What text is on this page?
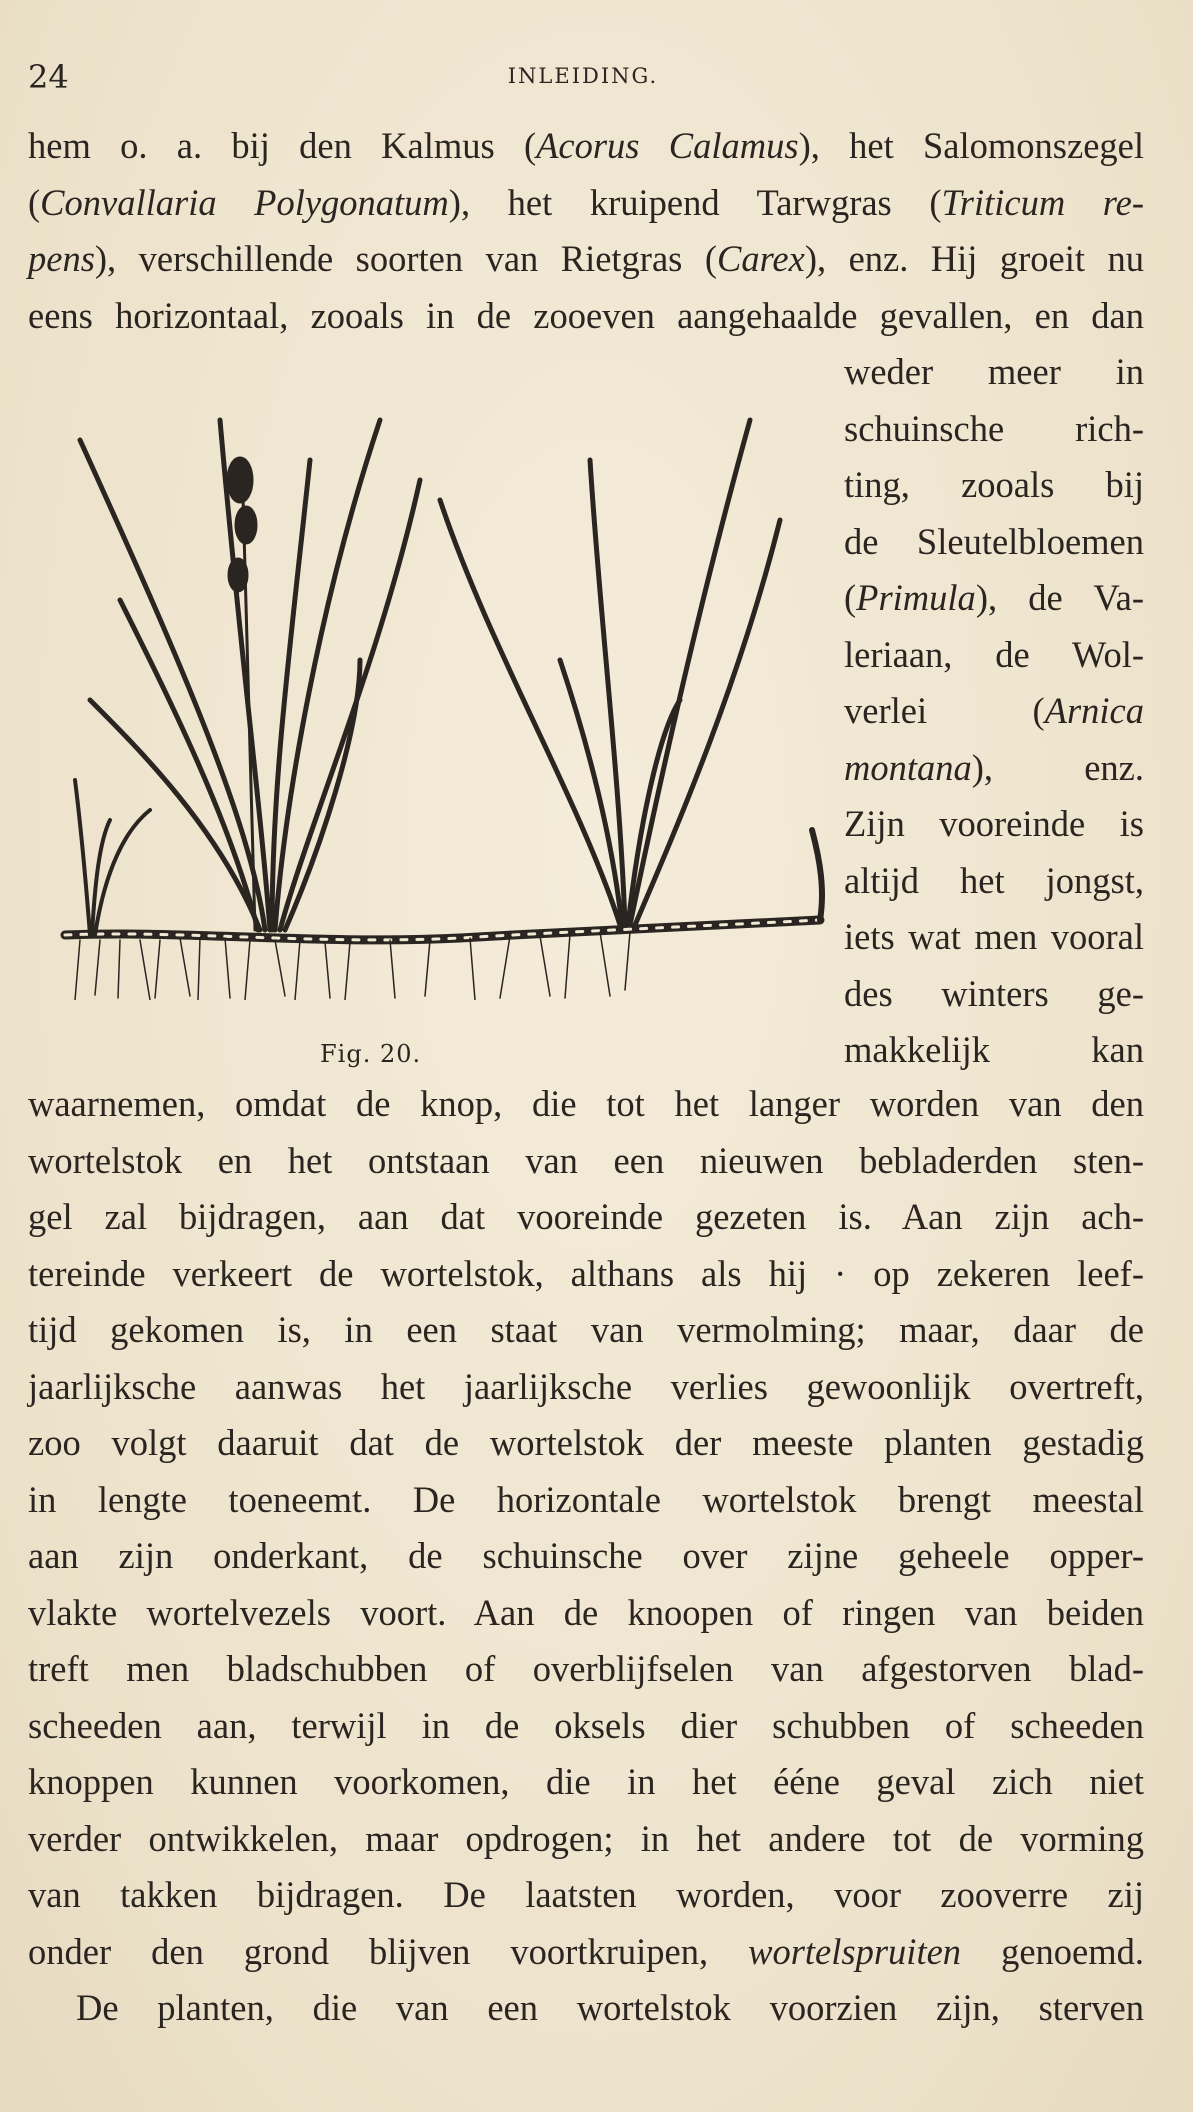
24	INLEIDING.
hem o. a. bij den Kalmus (Acorus Calamus), het Salomonszegel
(Convallaria Polygonatum), het kruipend Tarwgras (Triticum re-
pens), verschillende soorten van Rietgras (Carex), enz. Hij groeit nu
eens horizontaal, zooals in de zooeven aangehaalde gevallen, en dan
weder meer in
schuinsche rich-
ting, zooals bij
de Sleutelbloemen
(Primula), de Va-
leriaan, de Wol-
verlei (Arnica
montana), enz.
Zijn vooreinde is
altijd het jongst,
iets wat men vooral
des winters ge-
makkelijk kan
Fig. 20.
waarnemen, omdat de knop, die tot het langer worden van den
wortelstok en het ontstaan van een nieuwen bebladerden sten-
gel zal bijdragen, aan dat vooreinde gezeten is. Aan zijn ach-
tereinde verkeert de wortelstok, althans als hij · op zekeren leef-
tijd gekomen is, in een staat van vermolming; maar, daar de
jaarlijksche aanwas het jaarlijksche verlies gewoonlijk overtreft,
zoo volgt daaruit dat de wortelstok der meeste planten gestadig
in lengte toeneemt. De horizontale wortelstok brengt meestal
aan zijn onderkant, de schuinsche over zijne geheele opper-
vlakte wortelvezels voort. Aan de knoopen of ringen van beiden
treft men bladschubben of overblijfselen van afgestorven blad-
scheeden aan, terwijl in de oksels dier schubben of scheeden
knoppen kunnen voorkomen, die in het ééne geval zich niet
verder ontwikkelen, maar opdrogen; in het andere tot de vorming
van takken bijdragen. De laatsten worden, voor zooverre zij
onder den grond blijven voortkruipen, wortelspruiten genoemd.
De planten, die van een wortelstok voorzien zijn, sterven
